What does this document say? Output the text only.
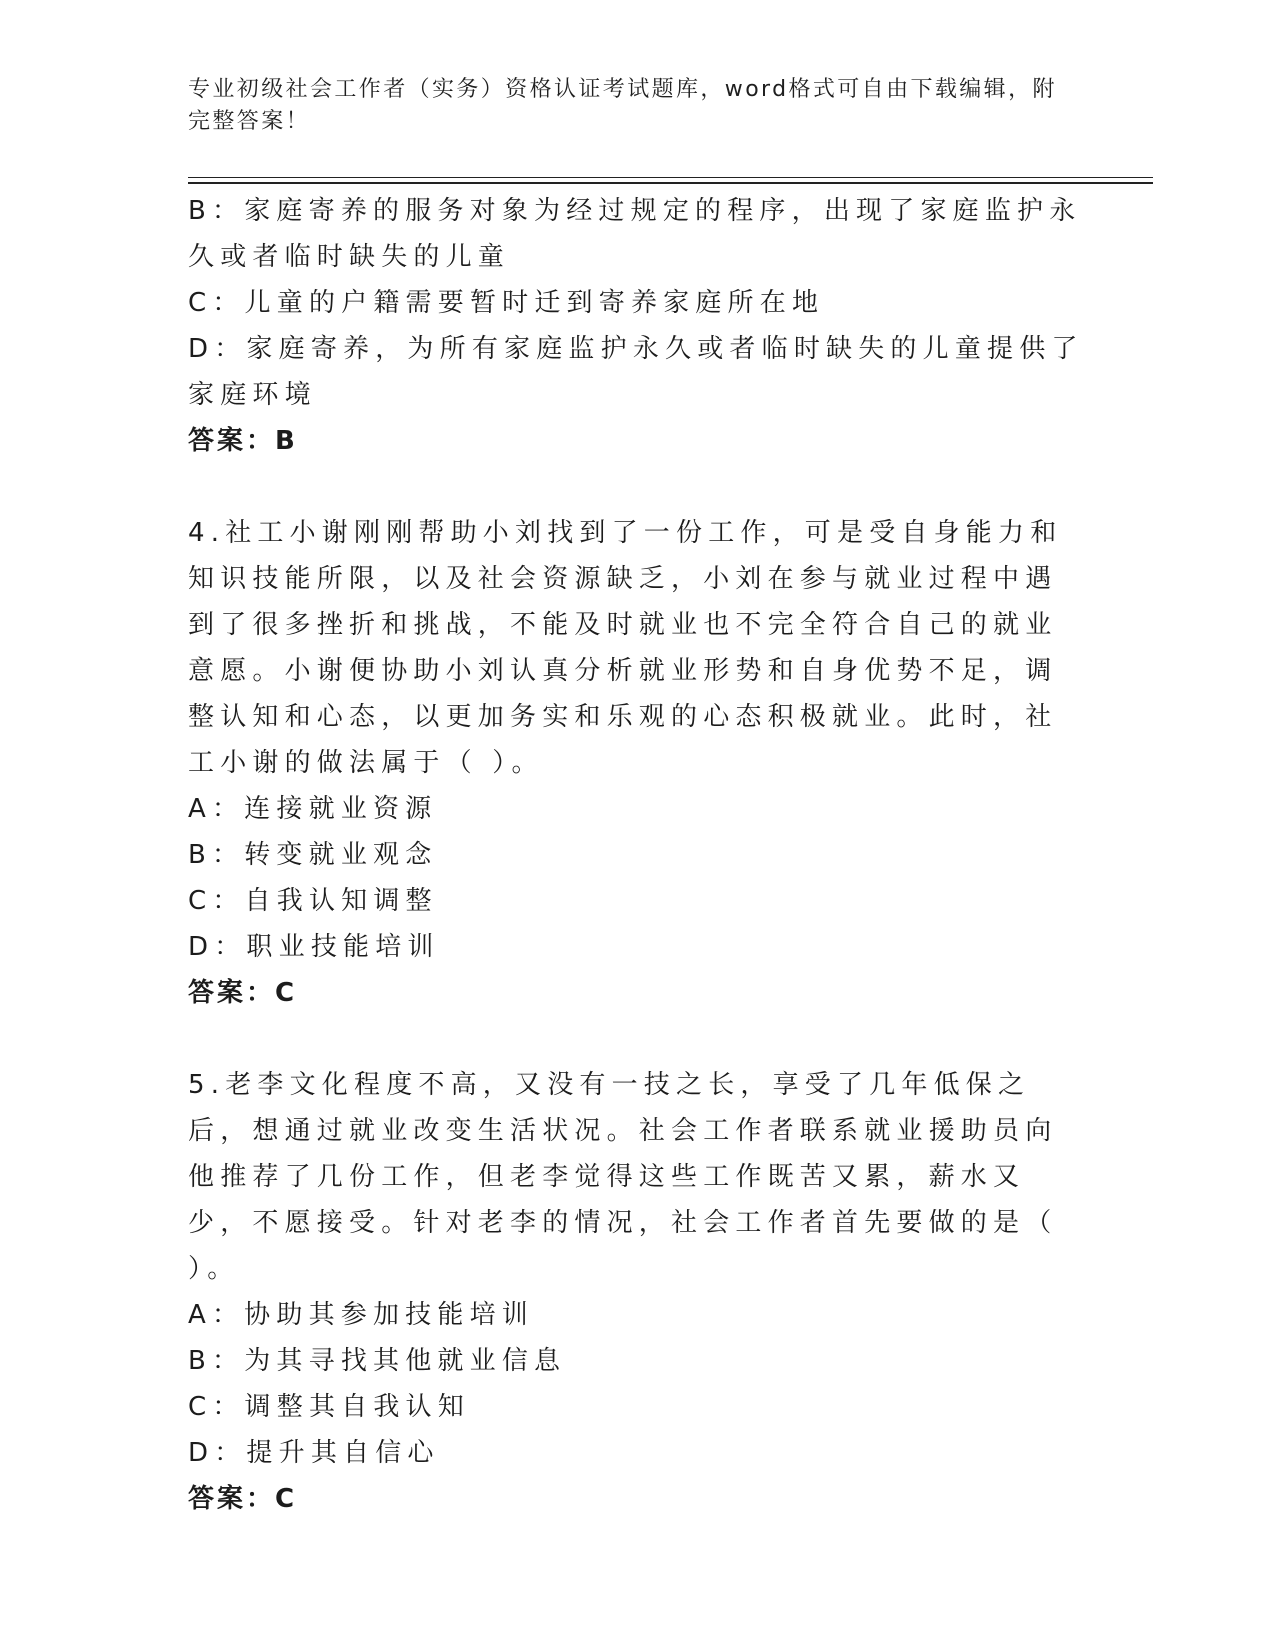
专业初级社会工作者（实务）资格认证考试题库，word格式可自由下载编辑，附完整答案！

B：家庭寄养的服务对象为经过规定的程序，出现了家庭监护永久或者临时缺失的儿童

C：儿童的户籍需要暂时迁到寄养家庭所在地

D：家庭寄养，为所有家庭监护永久或者临时缺失的儿童提供了家庭环境

答案：B

4.社工小谢刚刚帮助小刘找到了一份工作，可是受自身能力和知识技能所限，以及社会资源缺乏，小刘在参与就业过程中遇到了很多挫折和挑战，不能及时就业也不完全符合自己的就业意愿。小谢便协助小刘认真分析就业形势和自身优势不足，调整认知和心态，以更加务实和乐观的心态积极就业。此时，社工小谢的做法属于（ ）。

A：连接就业资源

B：转变就业观念

C：自我认知调整

D：职业技能培训

答案：C

5.老李文化程度不高，又没有一技之长，享受了几年低保之后，想通过就业改变生活状况。社会工作者联系就业援助员向他推荐了几份工作，但老李觉得这些工作既苦又累，薪水又少，不愿接受。针对老李的情况，社会工作者首先要做的是（ ）。

A：协助其参加技能培训

B：为其寻找其他就业信息

C：调整其自我认知

D：提升其自信心

答案：C
